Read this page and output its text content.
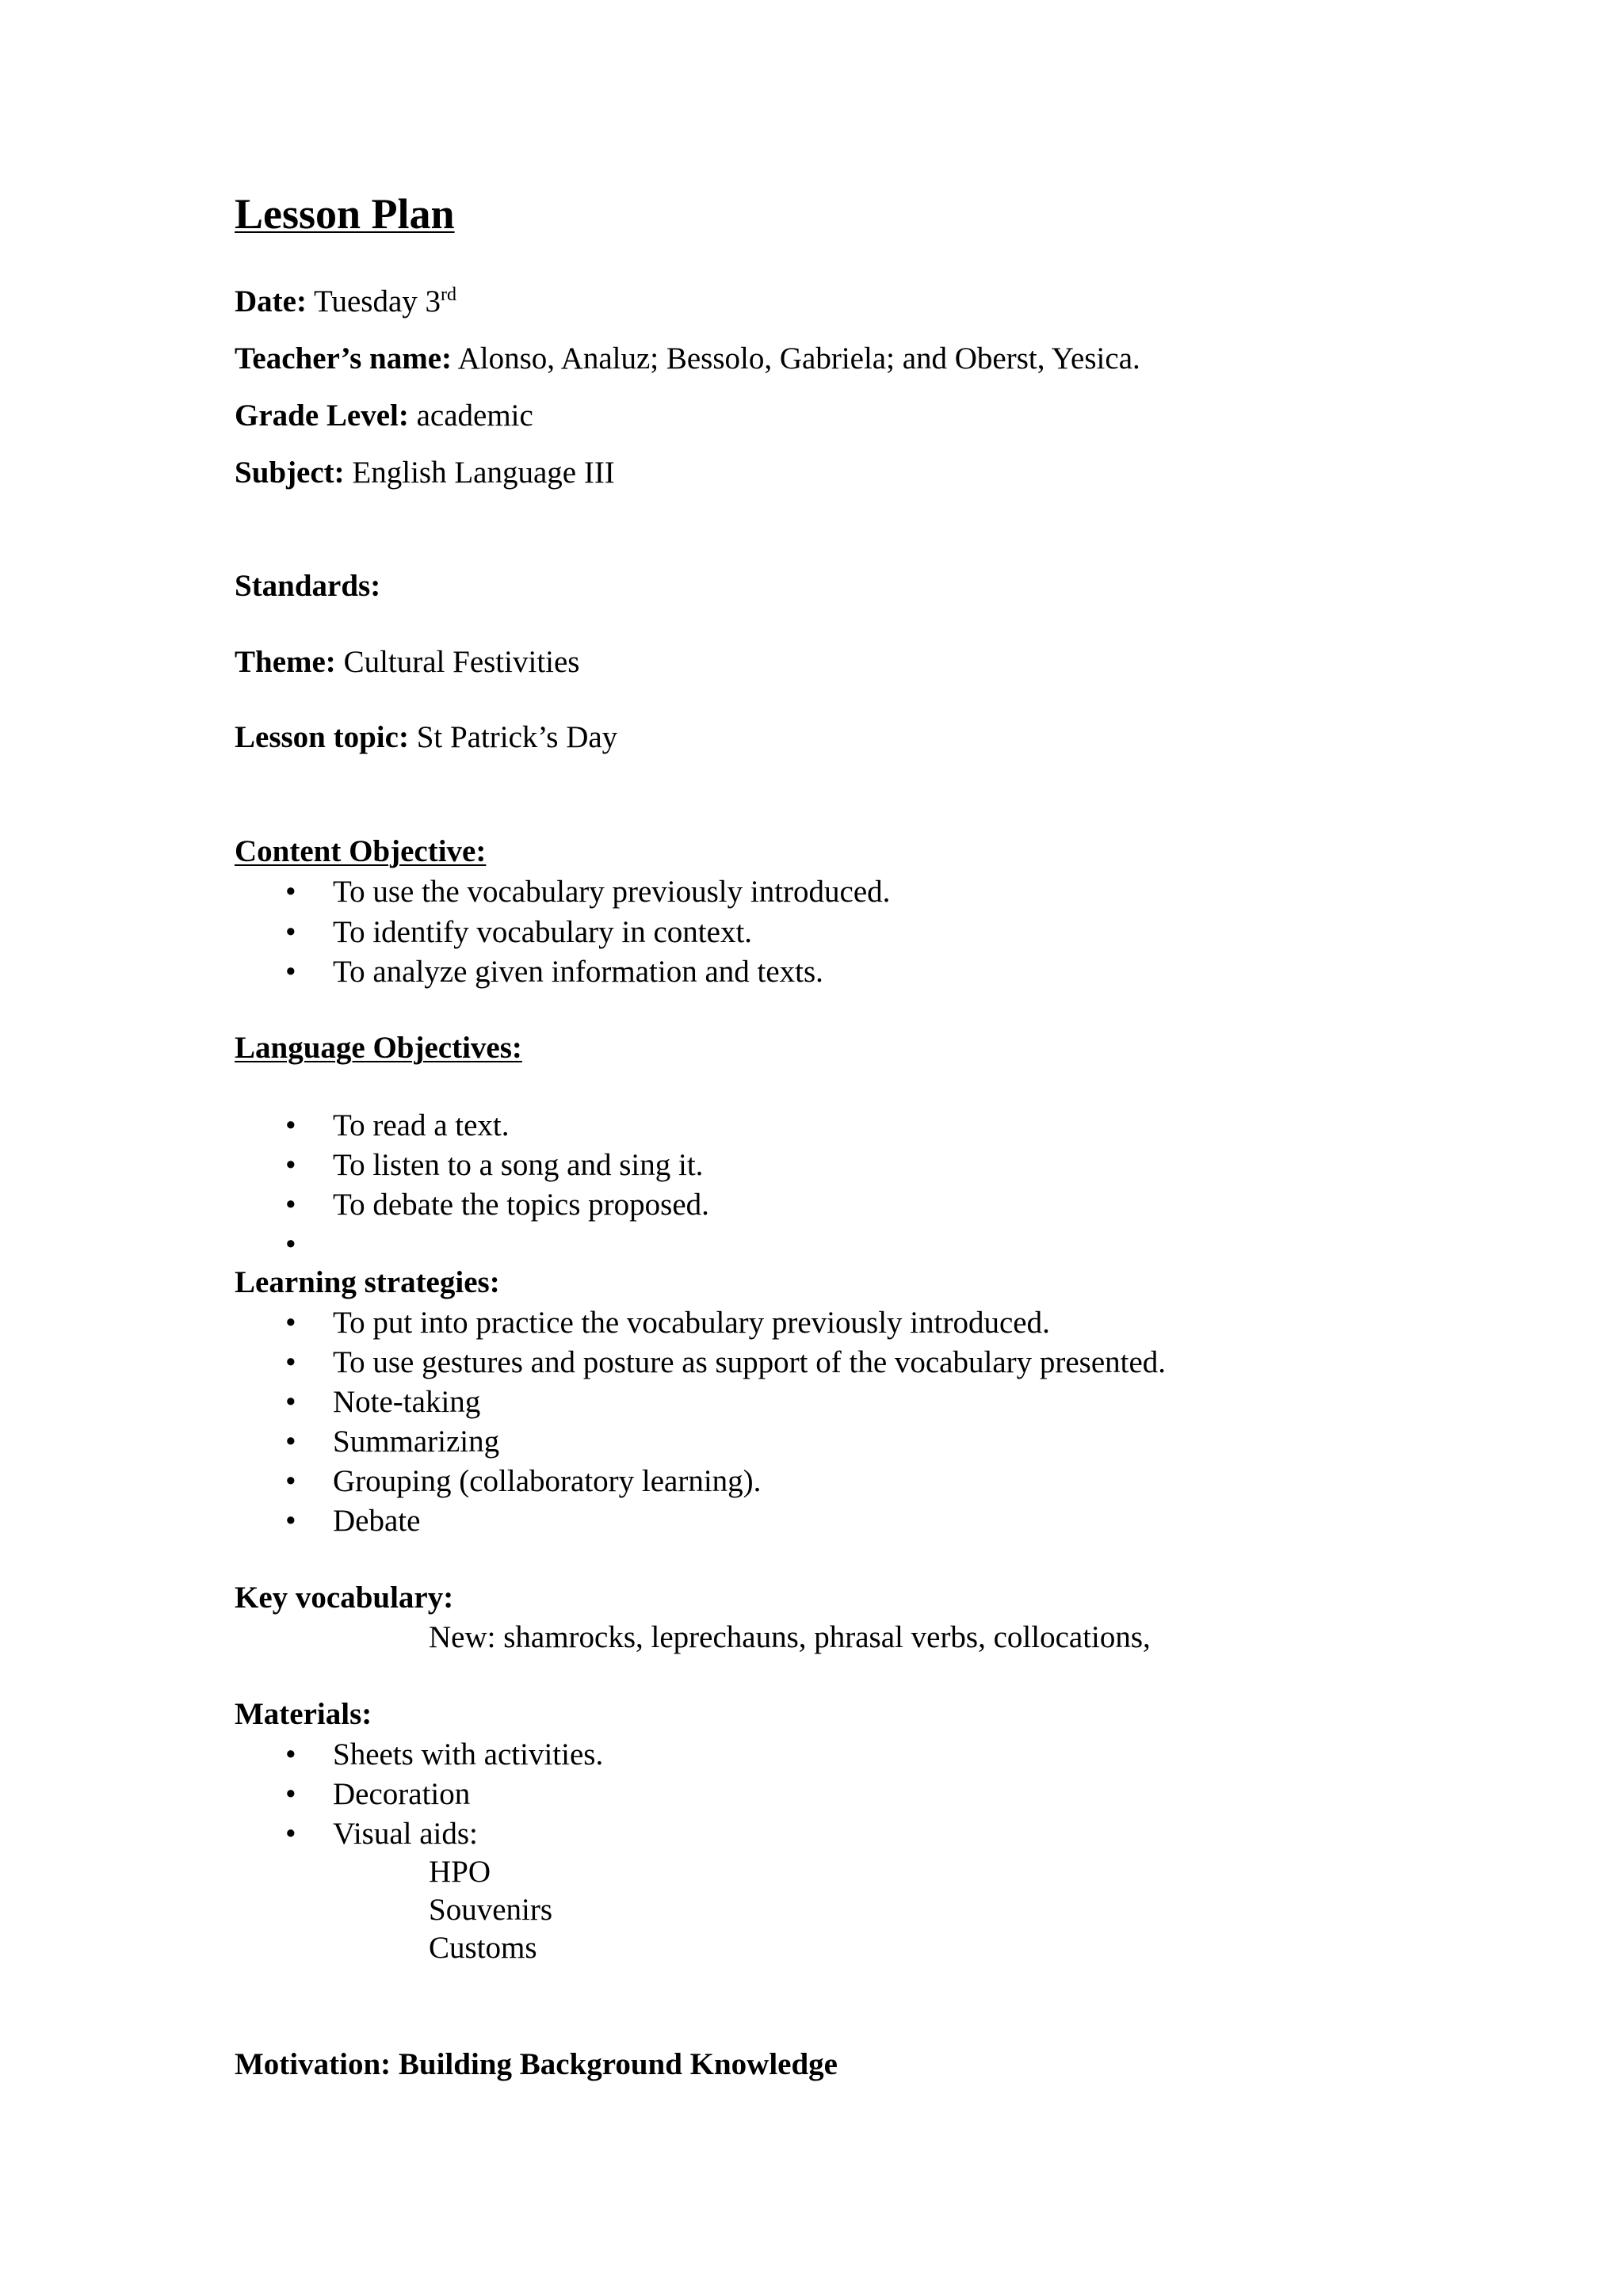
Lesson Plan
Date: Tuesday 3rd
Teacher’s name: Alonso, Analuz; Bessolo, Gabriela; and Oberst, Yesica.
Grade Level: academic
Subject: English Language III
Standards:
Theme: Cultural Festivities
Lesson topic: St Patrick’s Day
Content Objective:
• To use the vocabulary previously introduced.
• To identify vocabulary in context.
• To analyze given information and texts.
Language Objectives:
• To read a text.
• To listen to a song and sing it.
• To debate the topics proposed.
•
Learning strategies:
• To put into practice the vocabulary previously introduced.
• To use gestures and posture as support of the vocabulary presented.
• Note-taking
• Summarizing
• Grouping (collaboratory learning).
• Debate
Key vocabulary:
New: shamrocks, leprechauns, phrasal verbs, collocations,
Materials:
• Sheets with activities.
• Decoration
• Visual aids:
HPO
Souvenirs
Customs
Motivation: Building Background Knowledge
